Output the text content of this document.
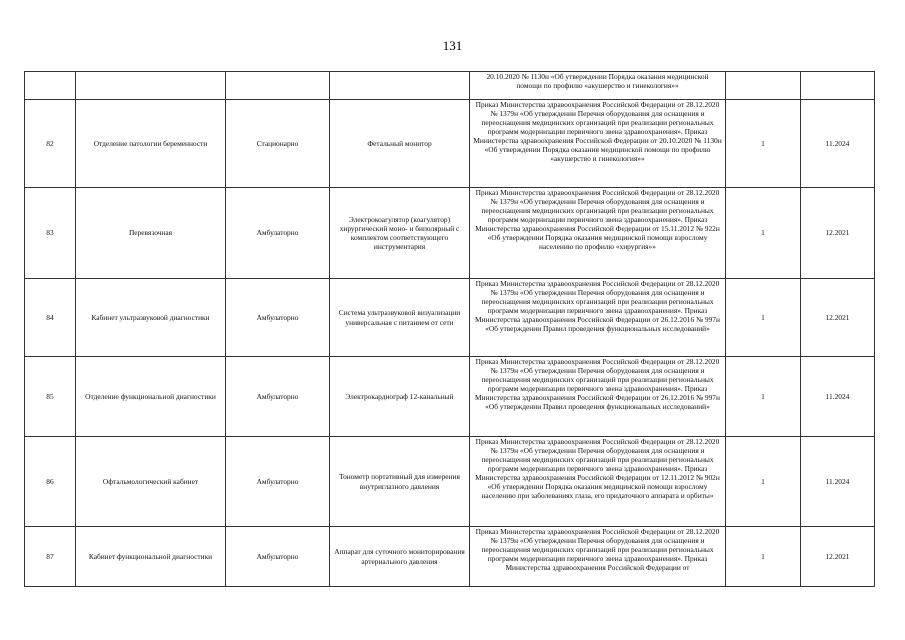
131
				20.10.2020 № 1130н «Об утверждении Порядка оказания медицинской помощи по профилю «акушерство и гинекология»»		
82	Отделение патологии беременности	Стационарно	Фетальный монитор	Приказ Министерства здравоохранения Российской Федерации от 28.12.2020 № 1379н «Об утверждении Перечня оборудования для оснащения и переоснащения медицинских организаций при реализации региональных программ модернизации первичного звена здравоохранения». Приказ Министерства здравоохранения Российской Федерации от 20.10.2020 № 1130н «Об утверждении Порядка оказания медицинской помощи по профилю «акушерство и гинекология»»	1	11.2024
83	Перевязочная	Амбулаторно	Электрокоагулятор (коагулятор) хирургический моно- и биполярный с комплектом соответствующего инструментария	Приказ Министерства здравоохранения Российской Федерации от 28.12.2020 № 1379н «Об утверждении Перечня оборудования для оснащения и переоснащения медицинских организаций при реализации региональных программ модернизации первичного звена здравоохранения». Приказ Министерства здравоохранения Российской Федерации от 15.11.2012 № 922н «Об утверждении Порядка оказания медицинской помощи взрослому населению по профилю «хирургия»»	1	12.2021
84	Кабинет ультразвуковой диагностики	Амбулаторно	Система ультразвуковой визуализации универсальная с питанием от сети	Приказ Министерства здравоохранения Российской Федерации от 28.12.2020 № 1379н «Об утверждении Перечня оборудования для оснащения и переоснащения медицинских организаций при реализации региональных программ модернизации первичного звена здравоохранения». Приказ Министерства здравоохранения Российской Федерации от 26.12.2016 № 997н «Об утверждении Правил проведения функциональных исследований»	1	12.2021
85	Отделение функциональной диагностики	Амбулаторно	Электрокардиограф 12-канальный	Приказ Министерства здравоохранения Российской Федерации от 28.12.2020 № 1379н «Об утверждении Перечня оборудования для оснащения и переоснащения медицинских организаций при реализации региональных программ модернизации первичного звена здравоохранения». Приказ Министерства здравоохранения Российской Федерации от 26.12.2016 № 997н «Об утверждении Правил проведения функциональных исследований»	1	11.2024
86	Офтальмологический кабинет	Амбулаторно	Тонометр портативный для измерения внутриглазного давления	Приказ Министерства здравоохранения Российской Федерации от 28.12.2020 № 1379н «Об утверждении Перечня оборудования для оснащения и переоснащения медицинских организаций при реализации региональных программ модернизации первичного звена здравоохранения». Приказ Министерства здравоохранения Российской Федерации от 12.11.2012 № 902н «Об утверждении Порядка оказания медицинской помощи взрослому населению при заболеваниях глаза, его придаточного аппарата и орбиты»	1	11.2024
87	Кабинет функциональной диагностики	Амбулаторно	Аппарат для суточного мониторирования артериального давления	Приказ Министерства здравоохранения Российской Федерации от 28.12.2020 № 1379н «Об утверждении Перечня оборудования для оснащения и переоснащения медицинских организаций при реализации региональных программ модернизации первичного звена здравоохранения». Приказ Министерства здравоохранения Российской Федерации от	1	12.2021
